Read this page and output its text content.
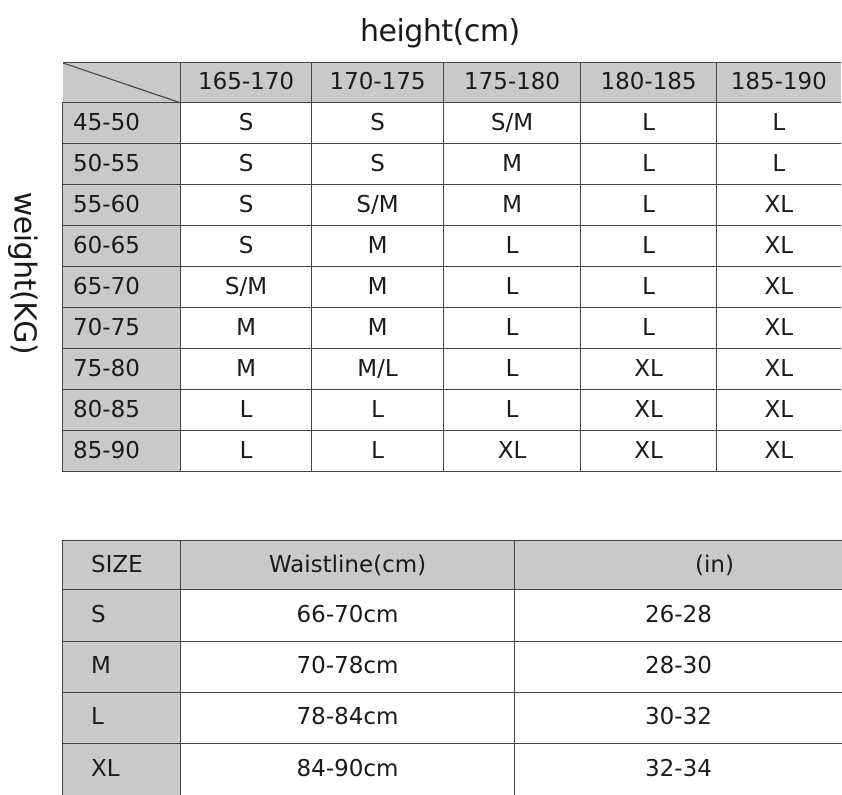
height(cm)
weight(KG)
	165-170	170-175	175-180	180-185	185-190
45-50	S	S	S/M	L	L
50-55	S	S	M	L	L
55-60	S	S/M	M	L	XL
60-65	S	M	L	L	XL
65-70	S/M	M	L	L	XL
70-75	M	M	L	L	XL
75-80	M	M/L	L	XL	XL
80-85	L	L	L	XL	XL
85-90	L	L	XL	XL	XL
SIZE	Waistline(cm)	(in)
S	66-70cm	26-28
M	70-78cm	28-30
L	78-84cm	30-32
XL	84-90cm	32-34
